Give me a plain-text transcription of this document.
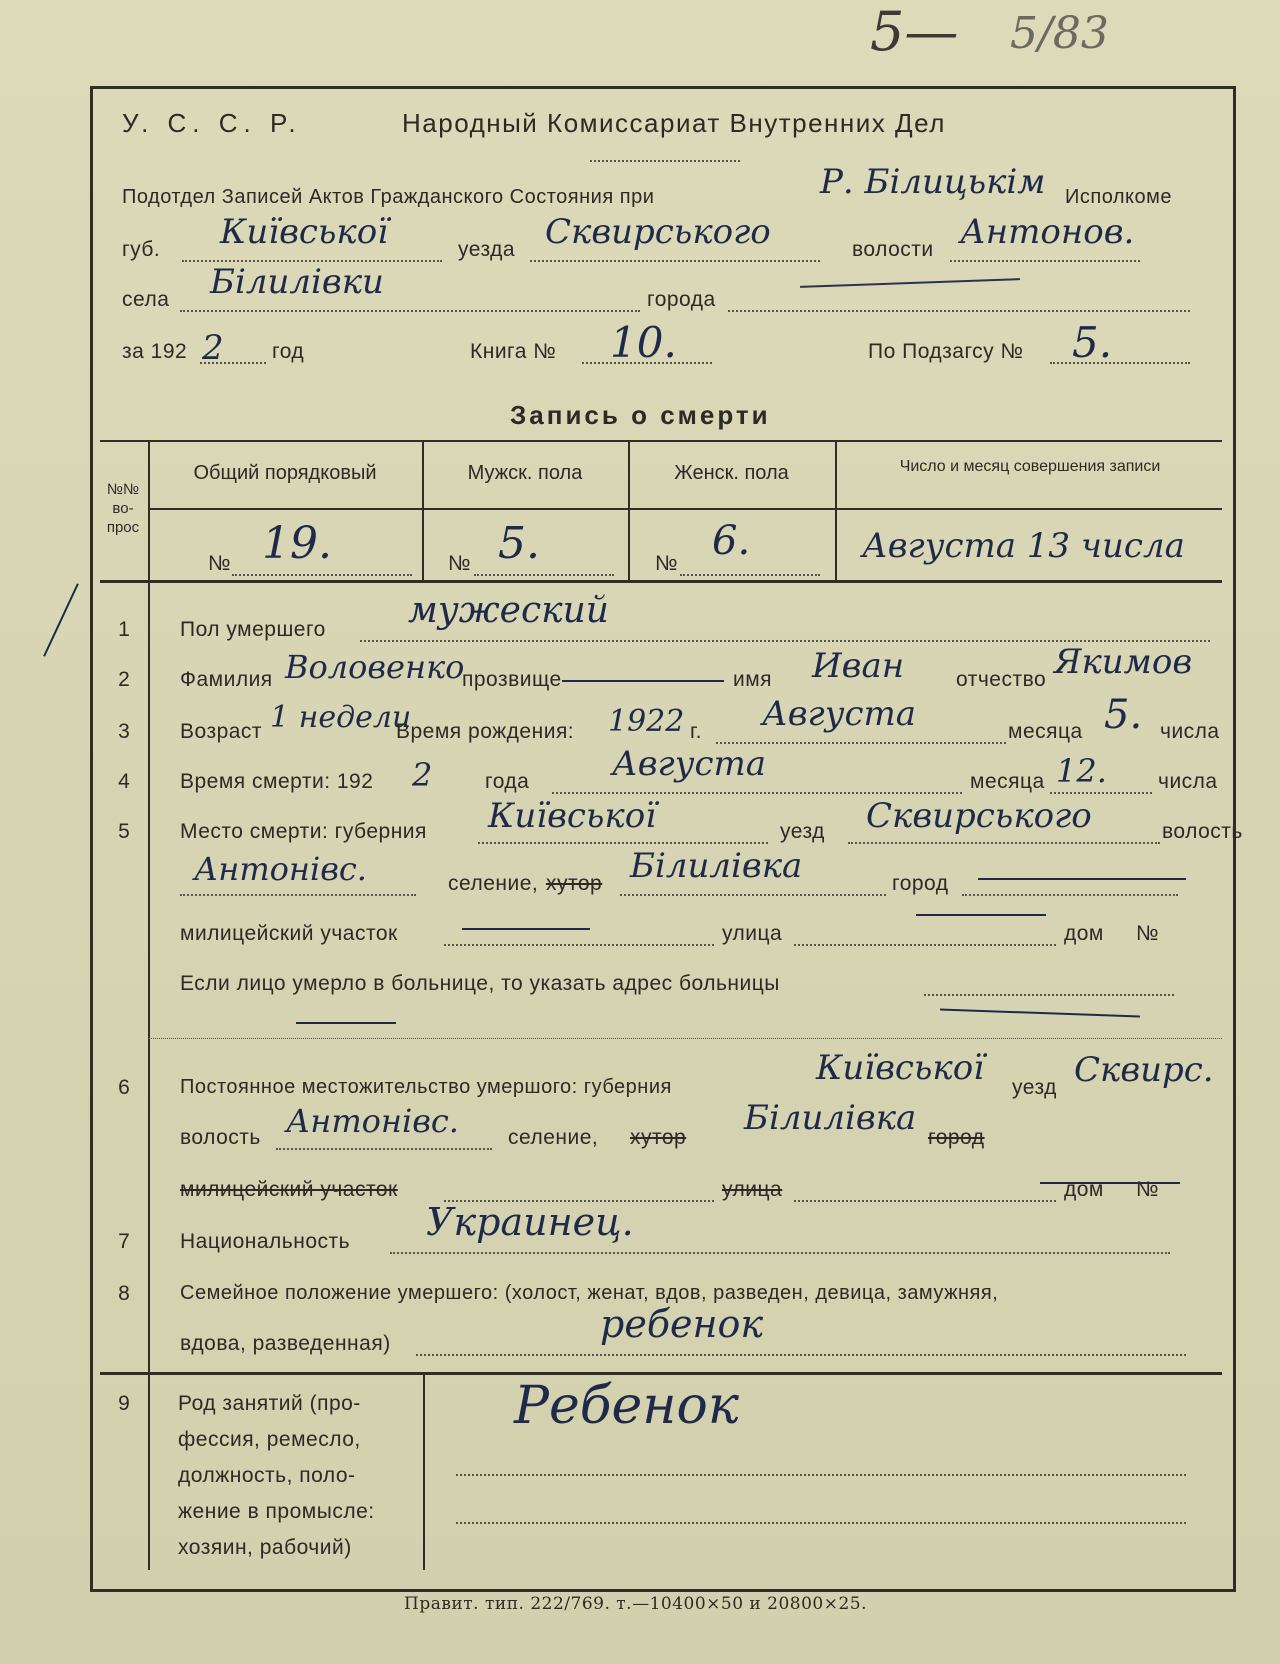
5— 5/83
У. С. С. Р.	Народный Комиссариат Внутренних Дел
Подотдел Записей Актов Гражданского Состояния при	Р. Білицькім Исполкоме
губ. Київської	уезда Сквирського	волости Антонов.
села Білилівки	города
за 192 2 год	Книга № 10.	По Подзагсу № 5.
Запись о смерти
№№ во- прос
Общий порядковый	Мужск. пола	Женск. пола	Число и месяц совершения записи
№ 19.	№ 5.	№ 6.	Августа 13 числа
1	Пол умершего мужеский
2	Фамилия Воловенко
прозвище	имя Иван отчество Якимов
3	Возраст 1 недели
Время рождения: 1922 г. Августа	месяца 5. числа
4	Время смерти: 192 2	года Августа	месяца 12. числа
5	Место смерти: губерния Київської	уезд Сквирського	волость
Антонівс.	селение, хутор Білилівка	город
милицейский участок	улица	дом №
Если лицо умерло в больнице, то указать адрес больницы
6	Постоянное местожительство умершого: губерния	Київської уезд Сквирс.
волость Антонівс. селение, хутор Білилівка город
милицейский участок	улица	дом №
7	Национальность Украинец.
8	Семейное положение умершего: (холост, женат, вдов, разведен, девица, замужняя,
вдова, разведенная)	ребенок
9	Род занятий (про-
фессия, ремесло,
должность, поло-
жение в промысле:
хозяин, рабочий)
Ребенок
Правит. тип. 222/769. т.—10400×50 и 20800×25.
